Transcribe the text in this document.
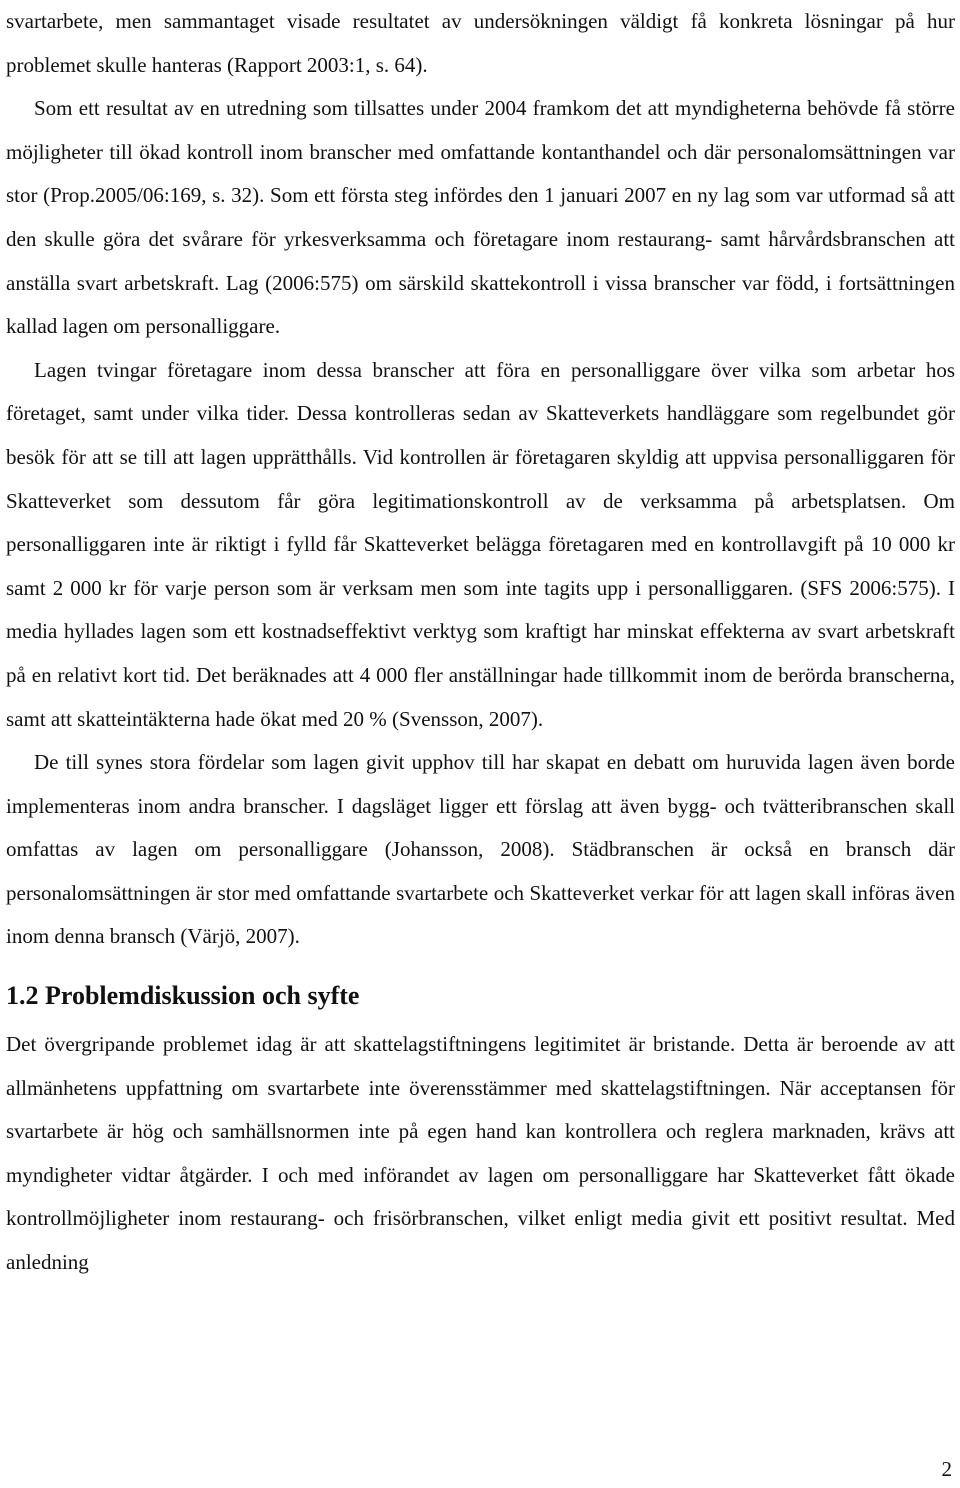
svartarbete, men sammantaget visade resultatet av undersökningen väldigt få konkreta lösningar på hur problemet skulle hanteras (Rapport 2003:1, s. 64).

Som ett resultat av en utredning som tillsattes under 2004 framkom det att myndigheterna behövde få större möjligheter till ökad kontroll inom branscher med omfattande kontanthandel och där personalomsättningen var stor (Prop.2005/06:169, s. 32). Som ett första steg infördes den 1 januari 2007 en ny lag som var utformad så att den skulle göra det svårare för yrkesverksamma och företagare inom restaurang- samt hårvårdsbranschen att anställa svart arbetskraft. Lag (2006:575) om särskild skattekontroll i vissa branscher var född, i fortsättningen kallad lagen om personalliggare.

Lagen tvingar företagare inom dessa branscher att föra en personalliggare över vilka som arbetar hos företaget, samt under vilka tider. Dessa kontrolleras sedan av Skatteverkets handläggare som regelbundet gör besök för att se till att lagen upprätthålls. Vid kontrollen är företagaren skyldig att uppvisa personalliggaren för Skatteverket som dessutom får göra legitimationskontroll av de verksamma på arbetsplatsen. Om personalliggaren inte är riktigt i fylld får Skatteverket belägga företagaren med en kontrollavgift på 10 000 kr samt 2 000 kr för varje person som är verksam men som inte tagits upp i personalliggaren. (SFS 2006:575). I media hyllades lagen som ett kostnadseffektivt verktyg som kraftigt har minskat effekterna av svart arbetskraft på en relativt kort tid. Det beräknades att 4 000 fler anställningar hade tillkommit inom de berörda branscherna, samt att skatteintäkterna hade ökat med 20 % (Svensson, 2007).

De till synes stora fördelar som lagen givit upphov till har skapat en debatt om huruvida lagen även borde implementeras inom andra branscher. I dagsläget ligger ett förslag att även bygg- och tvätteribranschen skall omfattas av lagen om personalliggare (Johansson, 2008). Städbranschen är också en bransch där personalomsättningen är stor med omfattande svartarbete och Skatteverket verkar för att lagen skall införas även inom denna bransch (Värjö, 2007).

1.2 Problemdiskussion och syfte

Det övergripande problemet idag är att skattelagstiftningens legitimitet är bristande. Detta är beroende av att allmänhetens uppfattning om svartarbete inte överensstämmer med skattelagstiftningen. När acceptansen för svartarbete är hög och samhällsnormen inte på egen hand kan kontrollera och reglera marknaden, krävs att myndigheter vidtar åtgärder. I och med införandet av lagen om personalliggare har Skatteverket fått ökade kontrollmöjligheter inom restaurang- och frisörbranschen, vilket enligt media givit ett positivt resultat. Med anledning

2
